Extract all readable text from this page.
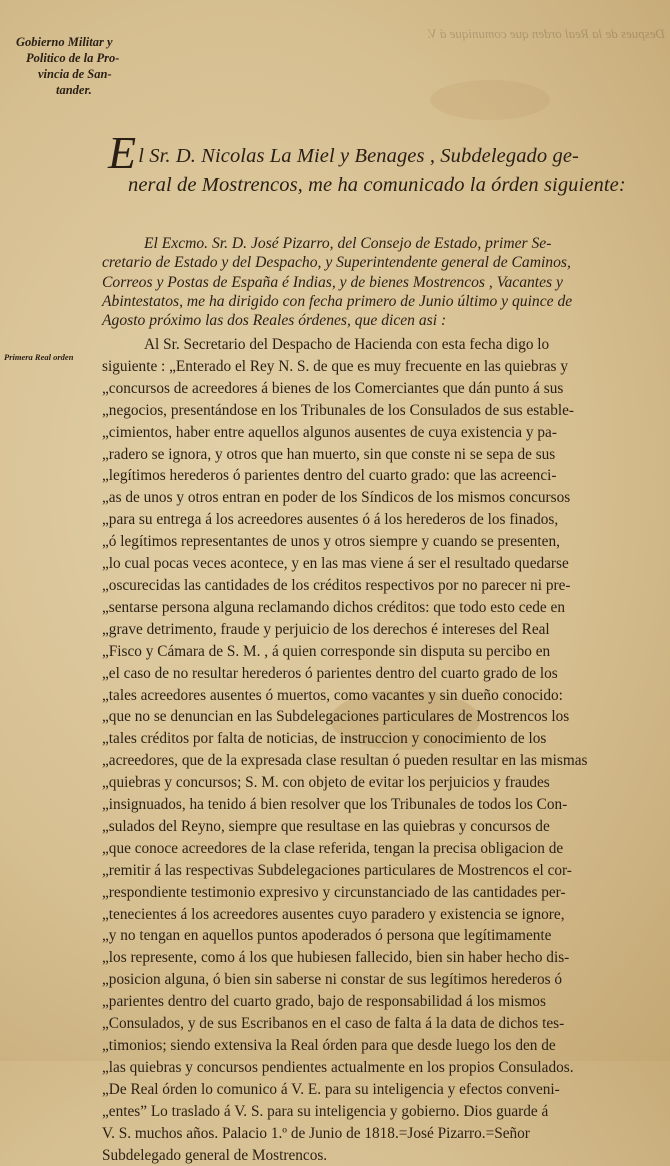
Despues de la Real orden que comunique á V.
Gobierno Militar y
Politico de la Pro-
vincia de San-
tander.
Primera Real orden
El Sr. D. Nicolas La Miel y Benages , Subdelegado ge-
neral de Mostrencos, me ha comunicado la órden siguiente:
El Excmo. Sr. D. José Pizarro, del Consejo de Estado, primer Se-
cretario de Estado y del Despacho, y Superintendente general de Caminos,
Correos y Postas de España é Indias, y de bienes Mostrencos , Vacantes y
Abintestatos, me ha dirigido con fecha primero de Junio último y quince de
Agosto próximo las dos Reales órdenes, que dicen asi :
Al Sr. Secretario del Despacho de Hacienda con esta fecha digo lo
siguiente : „Enterado el Rey N. S. de que es muy frecuente en las quiebras y
„concursos de acreedores á bienes de los Comerciantes que dán punto á sus
„negocios, presentándose en los Tribunales de los Consulados de sus estable-
„cimientos, haber entre aquellos algunos ausentes de cuya existencia y pa-
„radero se ignora, y otros que han muerto, sin que conste ni se sepa de sus
„legítimos herederos ó parientes dentro del cuarto grado: que las acreenci-
„as de unos y otros entran en poder de los Síndicos de los mismos concursos
„para su entrega á los acreedores ausentes ó á los herederos de los finados,
„ó legítimos representantes de unos y otros siempre y cuando se presenten,
„lo cual pocas veces acontece, y en las mas viene á ser el resultado quedarse
„oscurecidas las cantidades de los créditos respectivos por no parecer ni pre-
„sentarse persona alguna reclamando dichos créditos: que todo esto cede en
„grave detrimento, fraude y perjuicio de los derechos é intereses del Real
„Fisco y Cámara de S. M. , á quien corresponde sin disputa su percibo en
„el caso de no resultar herederos ó parientes dentro del cuarto grado de los
„tales acreedores ausentes ó muertos, como vacantes y sin dueño conocido:
„que no se denuncian en las Subdelegaciones particulares de Mostrencos los
„tales créditos por falta de noticias, de instruccion y conocimiento de los
„acreedores, que de la expresada clase resultan ó pueden resultar en las mismas
„quiebras y concursos; S. M. con objeto de evitar los perjuicios y fraudes
„insignuados, ha tenido á bien resolver que los Tribunales de todos los Con-
„sulados del Reyno, siempre que resultase en las quiebras y concursos de
„que conoce acreedores de la clase referida, tengan la precisa obligacion de
„remitir á las respectivas Subdelegaciones particulares de Mostrencos el cor-
„respondiente testimonio expresivo y circunstanciado de las cantidades per-
„tenecientes á los acreedores ausentes cuyo paradero y existencia se ignore,
„y no tengan en aquellos puntos apoderados ó persona que legítimamente
„los represente, como á los que hubiesen fallecido, bien sin haber hecho dis-
„posicion alguna, ó bien sin saberse ni constar de sus legítimos herederos ó
„parientes dentro del cuarto grado, bajo de responsabilidad á los mismos
„Consulados, y de sus Escribanos en el caso de falta á la data de dichos tes-
„timonios; siendo extensiva la Real órden para que desde luego los den de
„las quiebras y concursos pendientes actualmente en los propios Consulados.
„De Real órden lo comunico á V. E. para su inteligencia y efectos conveni-
„entes” Lo traslado á V. S. para su inteligencia y gobierno. Dios guarde á
V. S. muchos años. Palacio 1.º de Junio de 1818.=José Pizarro.=Señor
Subdelegado general de Mostrencos.
